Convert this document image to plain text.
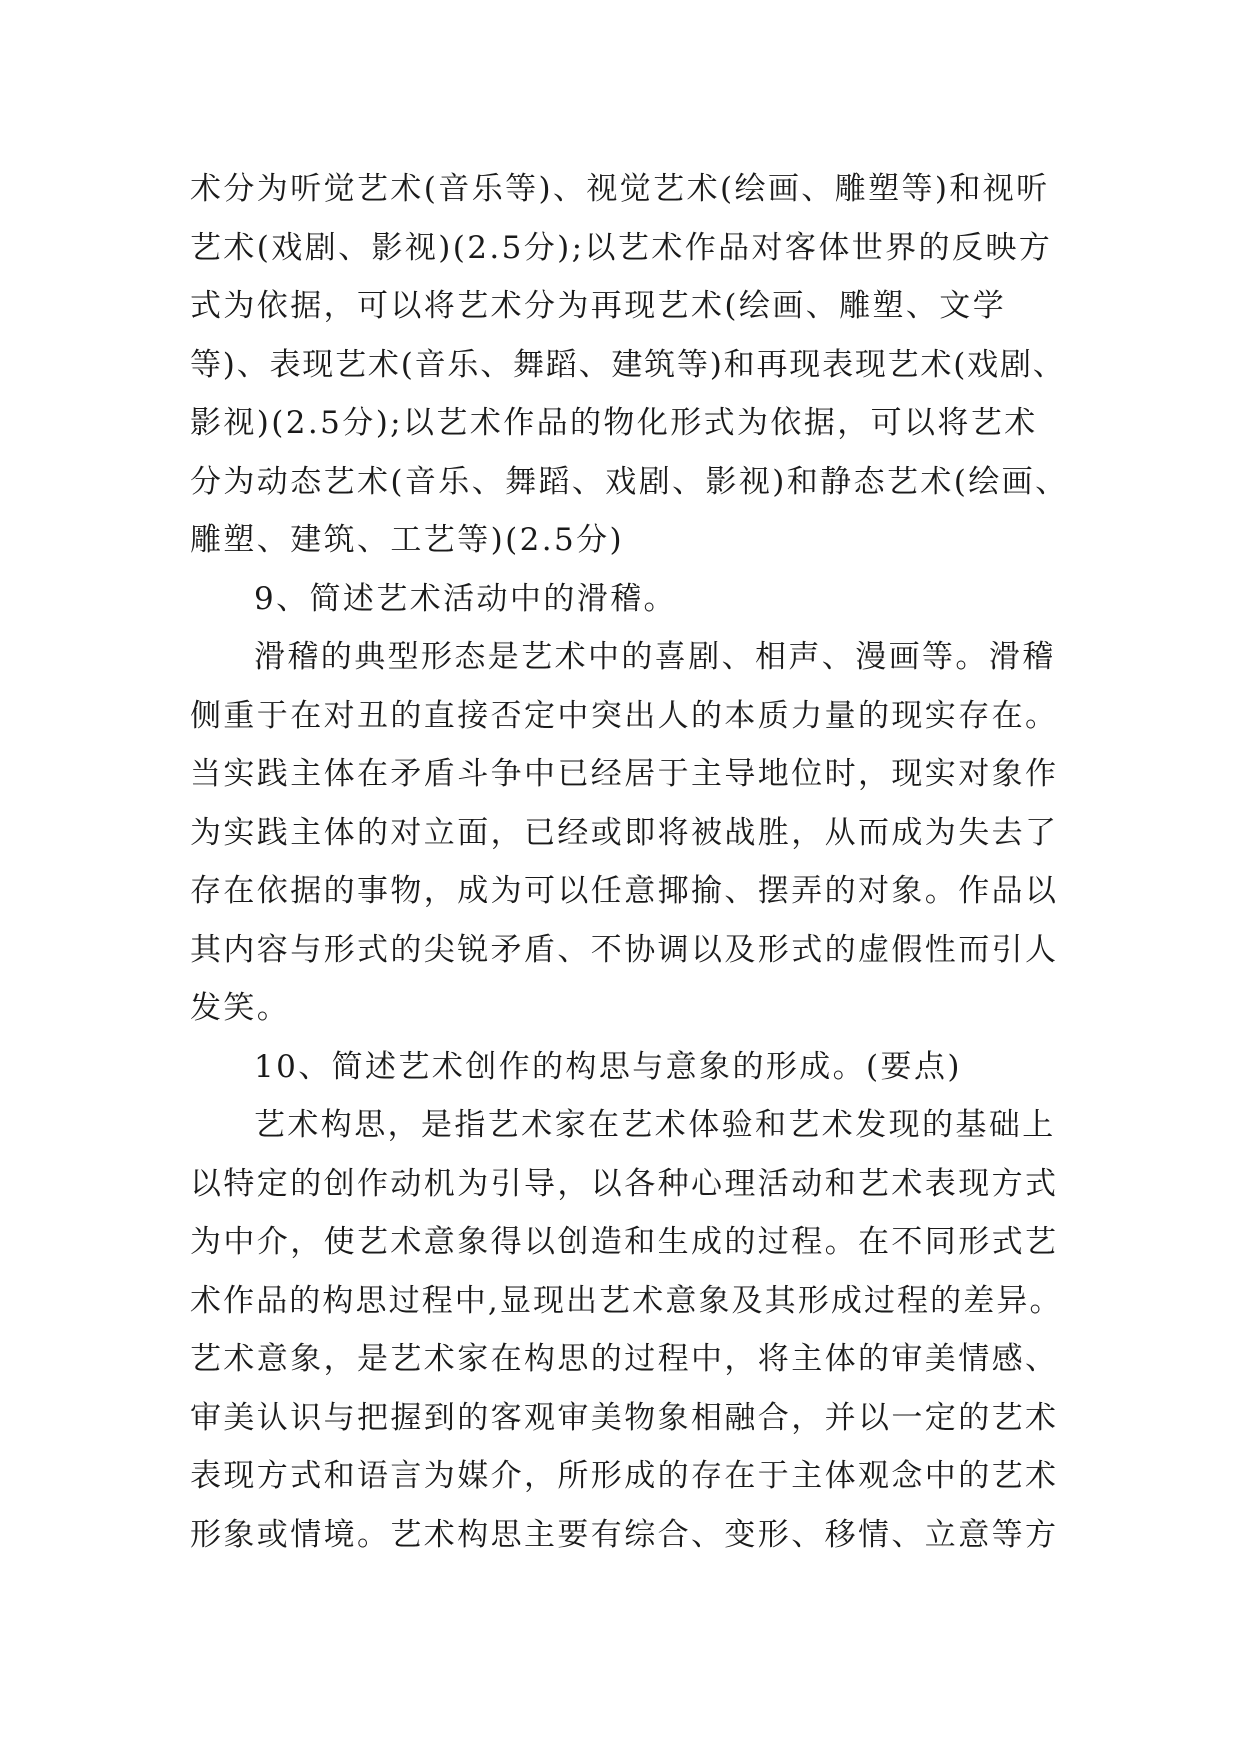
术分为听觉艺术(音乐等)、视觉艺术(绘画、雕塑等)和视听
艺术(戏剧、影视)(2.5分);以艺术作品对客体世界的反映方
式为依据，可以将艺术分为再现艺术(绘画、雕塑、文学
等)、表现艺术(音乐、舞蹈、建筑等)和再现表现艺术(戏剧、
影视)(2.5分);以艺术作品的物化形式为依据，可以将艺术
分为动态艺术(音乐、舞蹈、戏剧、影视)和静态艺术(绘画、
雕塑、建筑、工艺等)(2.5分)
9、简述艺术活动中的滑稽。
滑稽的典型形态是艺术中的喜剧、相声、漫画等。滑稽
侧重于在对丑的直接否定中突出人的本质力量的现实存在。
当实践主体在矛盾斗争中已经居于主导地位时，现实对象作
为实践主体的对立面，已经或即将被战胜，从而成为失去了
存在依据的事物，成为可以任意揶揄、摆弄的对象。作品以
其内容与形式的尖锐矛盾、不协调以及形式的虚假性而引人
发笑。
10、简述艺术创作的构思与意象的形成。(要点)
艺术构思，是指艺术家在艺术体验和艺术发现的基础上
以特定的创作动机为引导，以各种心理活动和艺术表现方式
为中介，使艺术意象得以创造和生成的过程。在不同形式艺
术作品的构思过程中,显现出艺术意象及其形成过程的差异。
艺术意象，是艺术家在构思的过程中，将主体的审美情感、
审美认识与把握到的客观审美物象相融合，并以一定的艺术
表现方式和语言为媒介，所形成的存在于主体观念中的艺术
形象或情境。艺术构思主要有综合、变形、移情、立意等方
